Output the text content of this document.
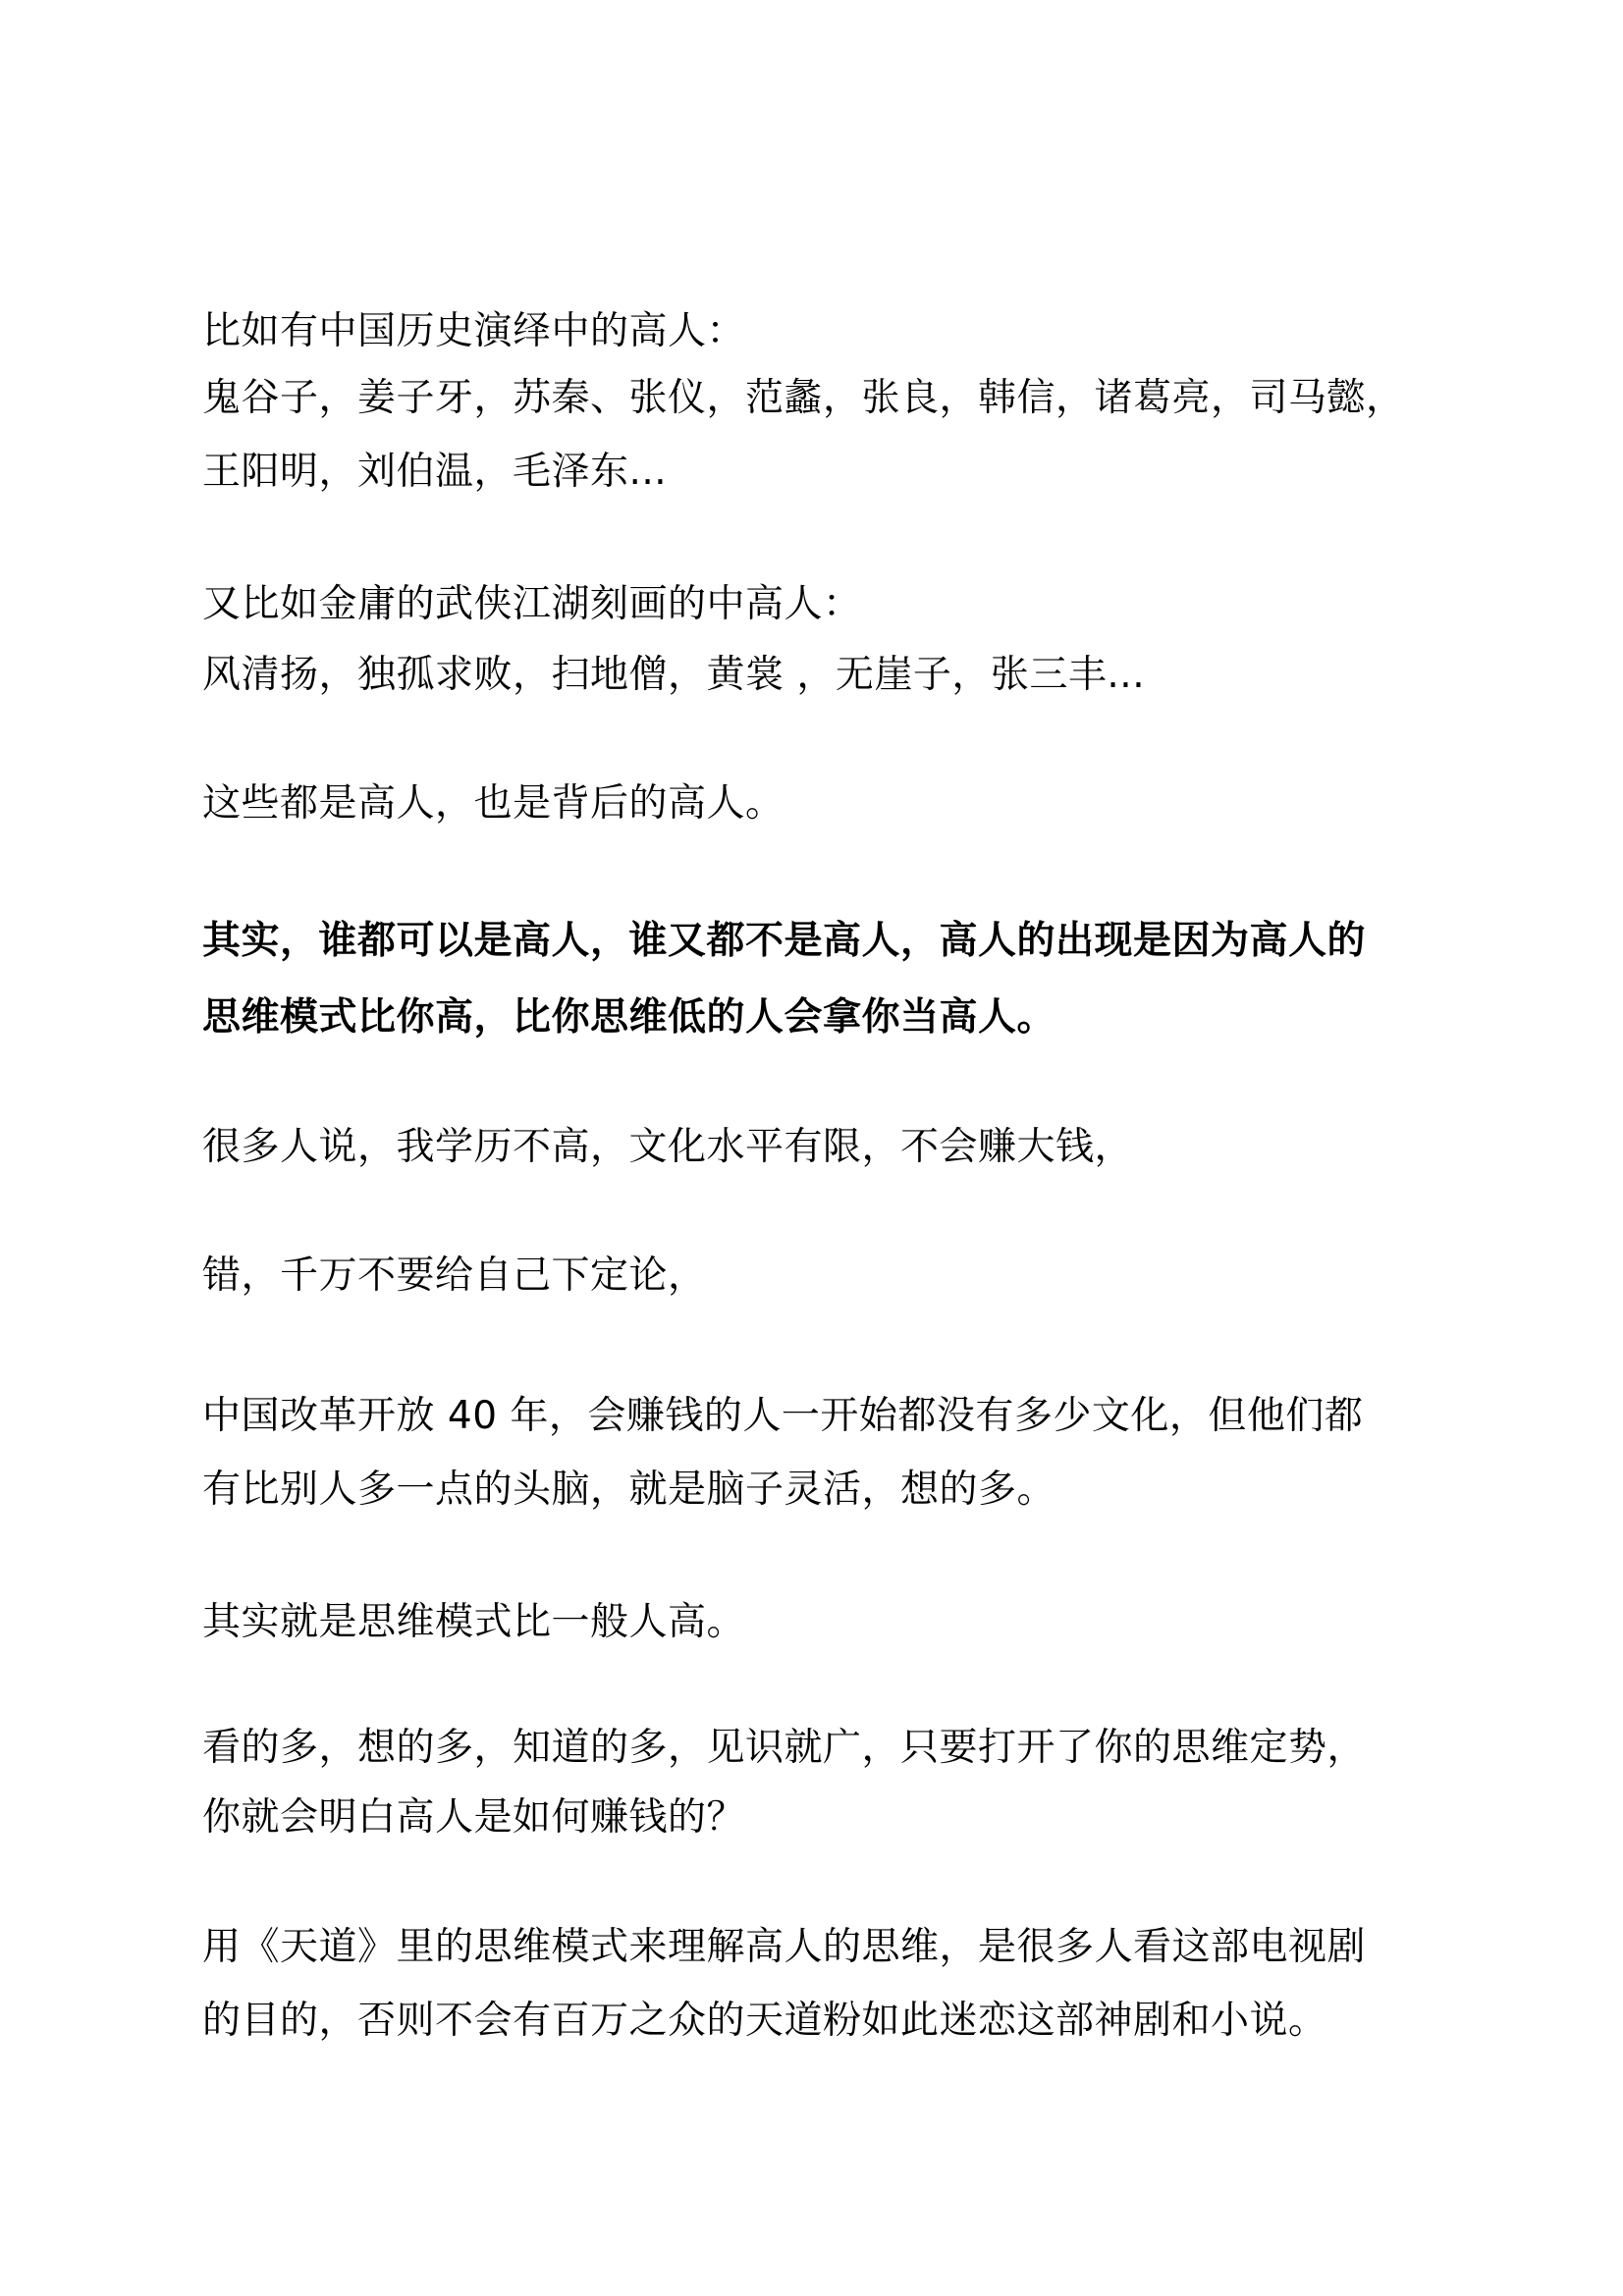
比如有中国历史演绎中的高人：
鬼谷子，姜子牙，苏秦、张仪，范蠡，张良，韩信，诸葛亮，司马懿，
王阳明，刘伯温，毛泽东...
又比如金庸的武侠江湖刻画的中高人：
风清扬，独孤求败，扫地僧，黄裳 ，无崖子，张三丰...
这些都是高人，也是背后的高人。
其实，谁都可以是高人，谁又都不是高人，高人的出现是因为高人的
思维模式比你高，比你思维低的人会拿你当高人。
很多人说，我学历不高，文化水平有限，不会赚大钱，
错，千万不要给自己下定论，
中国改革开放 40 年，会赚钱的人一开始都没有多少文化，但他们都
有比别人多一点的头脑，就是脑子灵活，想的多。
其实就是思维模式比一般人高。
看的多，想的多，知道的多，见识就广，只要打开了你的思维定势，
你就会明白高人是如何赚钱的？
用《天道》里的思维模式来理解高人的思维，是很多人看这部电视剧
的目的，否则不会有百万之众的天道粉如此迷恋这部神剧和小说。
